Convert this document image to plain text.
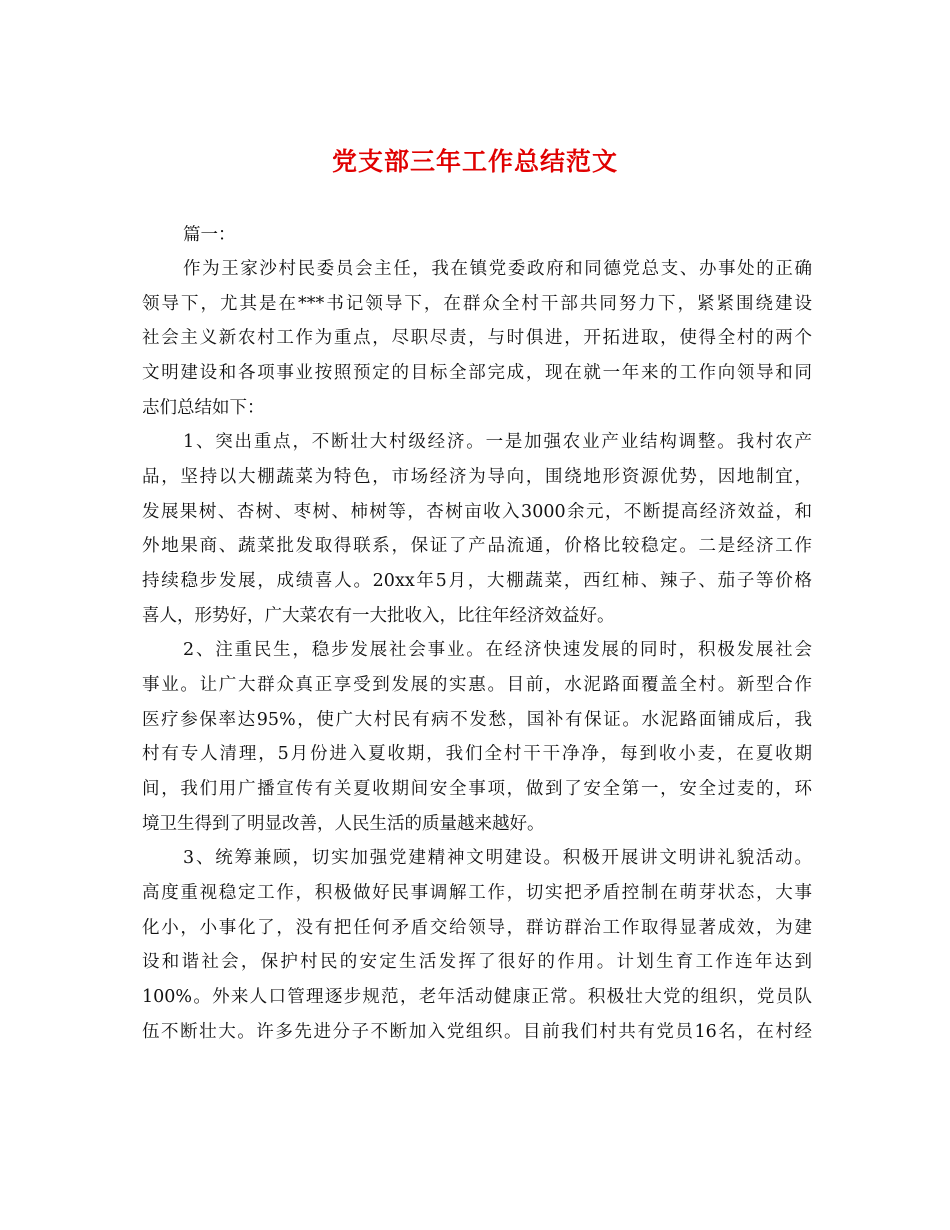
党支部三年工作总结范文
篇一：
作为王家沙村民委员会主任，我在镇党委政府和同德党总支、办事处的正确
领导下，尤其是在***书记领导下，在群众全村干部共同努力下，紧紧围绕建设
社会主义新农村工作为重点，尽职尽责，与时俱进，开拓进取，使得全村的两个
文明建设和各项事业按照预定的目标全部完成，现在就一年来的工作向领导和同
志们总结如下：
1、突出重点，不断壮大村级经济。一是加强农业产业结构调整。我村农产
品，坚持以大棚蔬菜为特色，市场经济为导向，围绕地形资源优势，因地制宜，
发展果树、杏树、枣树、柿树等，杏树亩收入3000余元，不断提高经济效益，和
外地果商、蔬菜批发取得联系，保证了产品流通，价格比较稳定。二是经济工作
持续稳步发展，成绩喜人。20xx年5月，大棚蔬菜，西红柿、辣子、茄子等价格
喜人，形势好，广大菜农有一大批收入，比往年经济效益好。
2、注重民生，稳步发展社会事业。在经济快速发展的同时，积极发展社会
事业。让广大群众真正享受到发展的实惠。目前，水泥路面覆盖全村。新型合作
医疗参保率达95%，使广大村民有病不发愁，国补有保证。水泥路面铺成后，我
村有专人清理，5月份进入夏收期，我们全村干干净净，每到收小麦，在夏收期
间，我们用广播宣传有关夏收期间安全事项，做到了安全第一，安全过麦的，环
境卫生得到了明显改善，人民生活的质量越来越好。
3、统筹兼顾，切实加强党建精神文明建设。积极开展讲文明讲礼貌活动。
高度重视稳定工作，积极做好民事调解工作，切实把矛盾控制在萌芽状态，大事
化小，小事化了，没有把任何矛盾交给领导，群访群治工作取得显著成效，为建
设和谐社会，保护村民的安定生活发挥了很好的作用。计划生育工作连年达到
100%。外来人口管理逐步规范，老年活动健康正常。积极壮大党的组织，党员队
伍不断壮大。许多先进分子不断加入党组织。目前我们村共有党员16名，在村经
